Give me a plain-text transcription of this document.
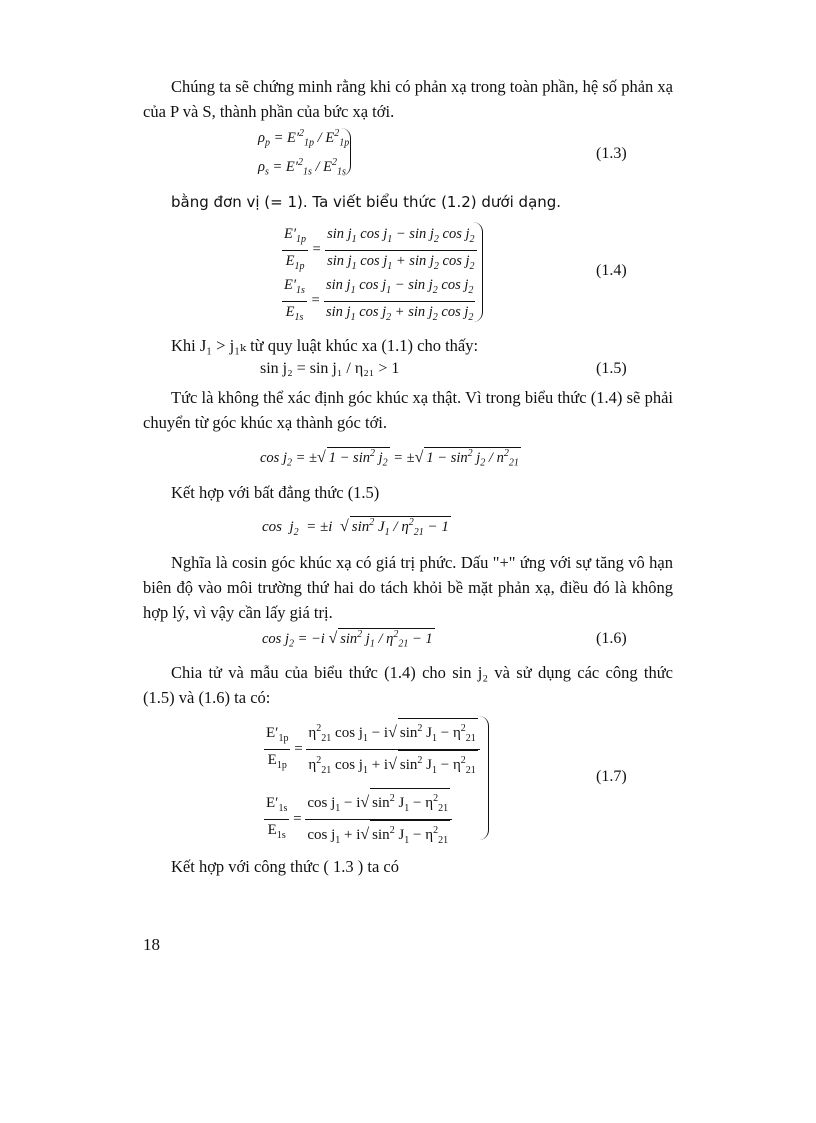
Chúng ta sẽ chứng minh rằng khi có phản xạ trong toàn phần, hệ số phản xạ của P và S, thành phần của bức xạ tới.

$\rho_p = E'^2_{1p} / E^2_{1p}$
$\rho_s = E'^2_{1s} / E^2_{1s}$
(1.3)

bằng đơn vị (= 1). Ta viết biểu thức (1.2) dưới dạng.

$\frac{E'_{1p}}{E_{1p}} = \frac{\sin j_1 \cos j_1 - \sin j_2 \cos j_2}{\sin j_1 \cos j_1 + \sin j_2 \cos j_2}$
$\frac{E'_{1s}}{E_{1s}} = \frac{\sin j_1 \cos j_1 - \sin j_2 \cos j_2}{\sin j_1 \cos j_2 + \sin j_2 \cos j_2}$
(1.4)

Khi J₁ > j₁ₖ từ quy luật khúc xa (1.1) cho thấy:

sin j₂ = sin j₁ / η₂₁ > 1	(1.5)

Tức là không thể xác định góc khúc xạ thật. Vì trong biểu thức (1.4) sẽ phải chuyển từ góc khúc xạ thành góc tới.

$\cos j_2$ = ±√ $1 - \sin^2 j_2$ = ±√ $1 - \sin^2 j_2 / n^2_{21}$

Kết hợp với bất đẳng thức (1.5)

$\cos j_2 = \pm i$  √ $\sin^2 J_1 / \eta^2_{21} - 1$

Nghĩa là cosin góc khúc xạ có giá trị phức. Dấu "+" ứng với sự tăng vô hạn biên độ vào môi trường thứ hai do tách khỏi bề mặt phản xạ, điều đó là không hợp lý, vì vậy cần lấy giá trị.

$\cos j_2 = -i$ √ $\sin^2 j_1 / \eta^2_{21} - 1$	(1.6)

Chia tử và mẫu của biểu thức (1.4) cho sin j₂ và sử dụng các công thức (1.5) và (1.6) ta có:

$\frac{E'_{1p}}{E_{1p}} = \frac{\eta^2_{21} \cos j_1 - i√ \sin^2 J_1 - \eta^2_{21}}{\eta^2_{21} \cos j_1 + i√ \sin^2 J_1 - \eta^2_{21}}$
$\frac{E'_{1s}}{E_{1s}} = \frac{\cos j_1 - i√ \sin^2 J_1 - \eta^2_{21}}{\cos j_1 + i√ \sin^2 J_1 - \eta^2_{21}}$
(1.7)

Kết hợp với công thức ( 1.3 ) ta có

18
